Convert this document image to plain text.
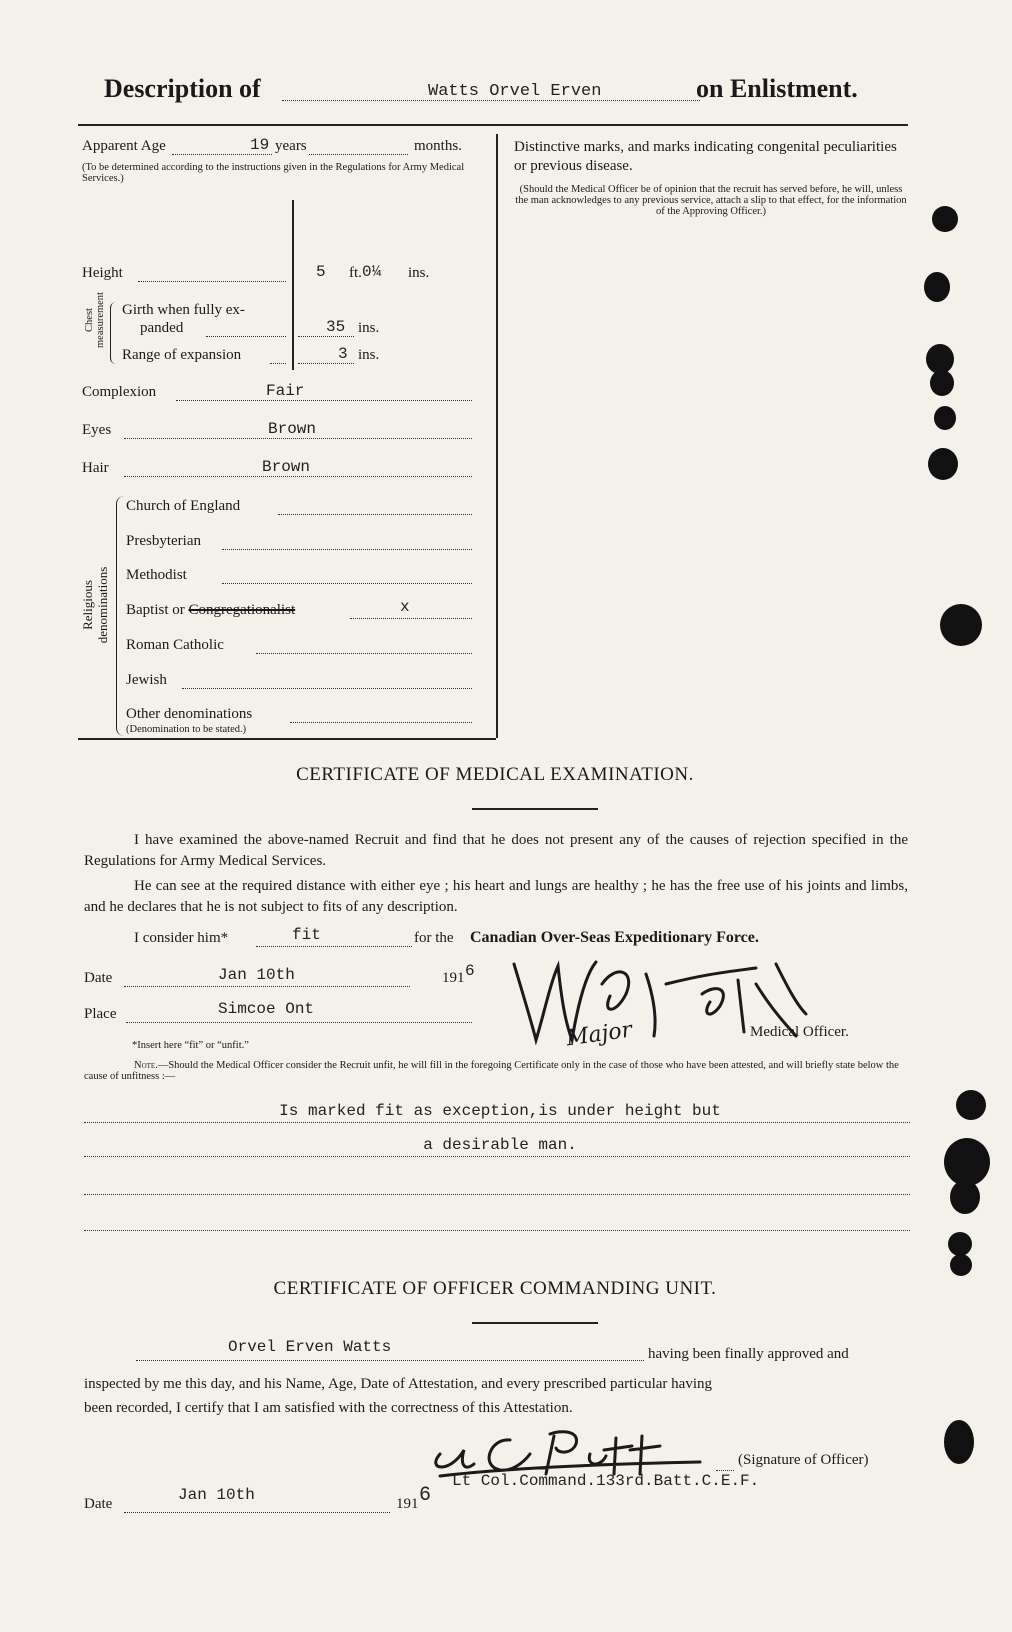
Description of	Watts Orvel Erven	on Enlistment.
Apparent Age	19 years	months.
(To be determined according to the instructions given in the Regulations for Army Medical Services.)
Height	5 ft. 0¼ ins.
Chest measurement Girth when fully ex-
panded	35 ins.
Range of expansion	3 ins.
Complexion	Fair
Eyes	Brown
Hair	Brown
Religious denominations
Church of England
Presbyterian
Methodist
Baptist or Congregationalist	x
Roman Catholic
Jewish
Other denominations
(Denomination to be stated.)
Distinctive marks, and marks indicating congenital peculiarities or previous disease.
(Should the Medical Officer be of opinion that the recruit has served before, he will, unless the man acknowledges to any previous service, attach a slip to that effect, for the information of the Approving Officer.)
CERTIFICATE OF MEDICAL EXAMINATION.
I have examined the above-named Recruit and find that he does not present any of the causes of rejection specified in the Regulations for Army Medical Services.
He can see at the required distance with either eye ; his heart and lungs are healthy ; he has the free use of his joints and limbs, and he declares that he is not subject to fits of any description.
I consider him*	fit	for the Canadian Over-Seas Expeditionary Force.
Date	Jan 10th	191 6
Place	Simcoe Ont
Major	Medical Officer.
*Insert here “fit” or “unfit.”
Note.—Should the Medical Officer consider the Recruit unfit, he will fill in the foregoing Certificate only in the case of those who have been attested, and will briefly state below the cause of unfitness :—
Is marked fit as exception,is under height but
a desirable man.
CERTIFICATE OF OFFICER COMMANDING UNIT.
Orvel Erven Watts	having been finally approved and
inspected by me this day, and his Name, Age, Date of Attestation, and every prescribed particular having
been recorded, I certify that I am satisfied with the correctness of this Attestation.
(Signature of Officer)
Lt Col.Command.133rd.Batt.C.E.F.
Date	Jan 10th	191 6
